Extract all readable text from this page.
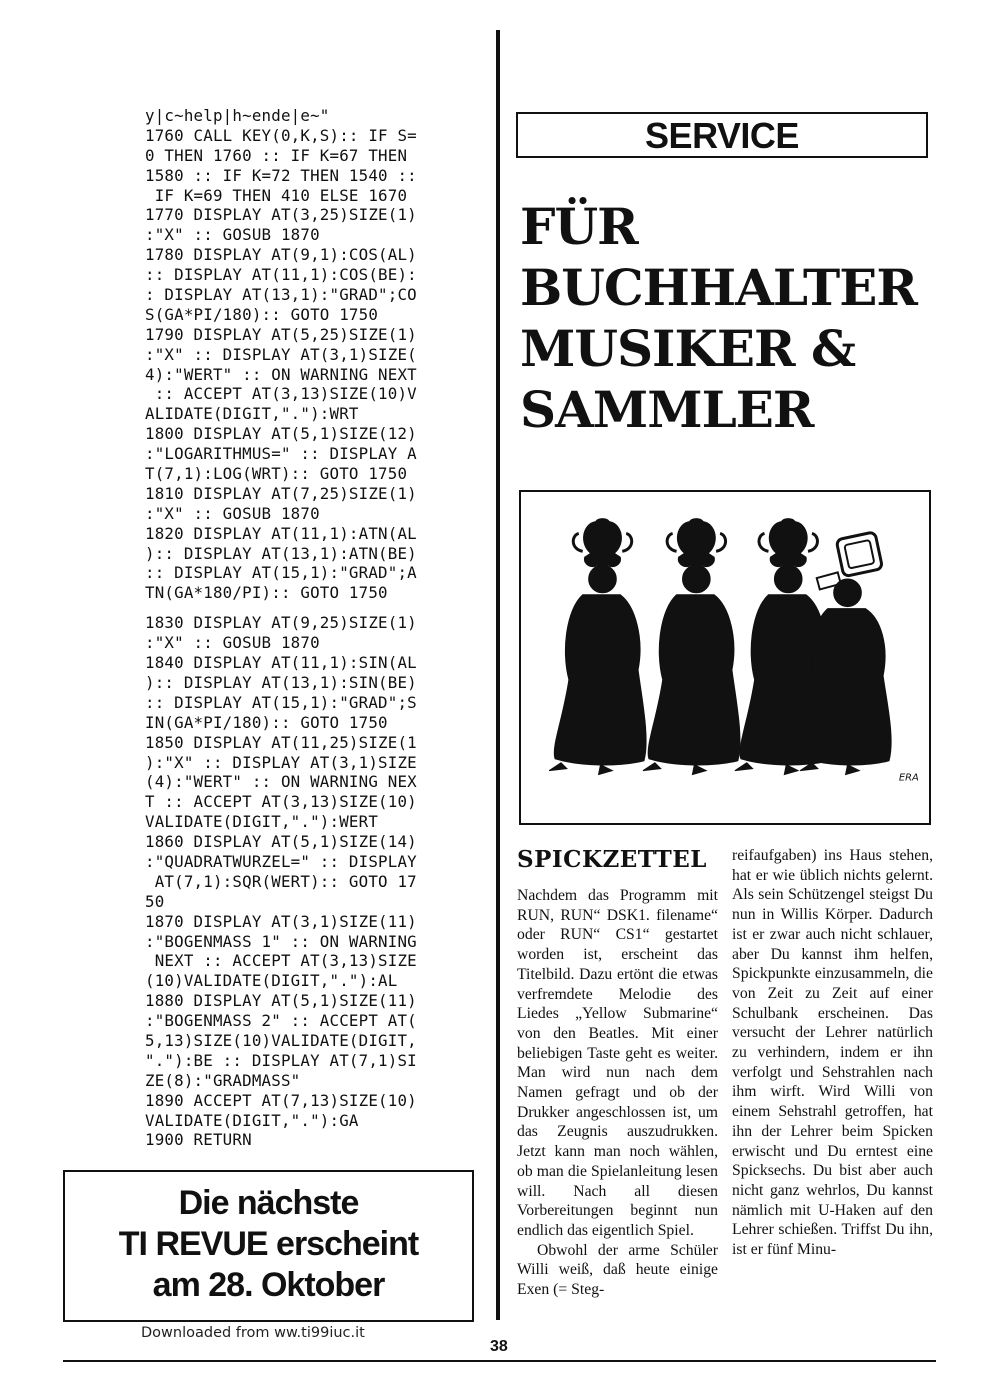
y|c~help|h~ende|e~"
1760 CALL KEY(0,K,S):: IF S=
0 THEN 1760 :: IF K=67 THEN
1580 :: IF K=72 THEN 1540 ::
IF K=69 THEN 410 ELSE 1670
1770 DISPLAY AT(3,25)SIZE(1)
:"X" :: GOSUB 1870
1780 DISPLAY AT(9,1):COS(AL)
:: DISPLAY AT(11,1):COS(BE):
: DISPLAY AT(13,1):"GRAD";CO
S(GA*PI/180):: GOTO 1750
1790 DISPLAY AT(5,25)SIZE(1)
:"X" :: DISPLAY AT(3,1)SIZE(
4):"WERT" :: ON WARNING NEXT
:: ACCEPT AT(3,13)SIZE(10)V
ALIDATE(DIGIT,"."):WRT
1800 DISPLAY AT(5,1)SIZE(12)
:"LOGARITHMUS=" :: DISPLAY A
T(7,1):LOG(WRT):: GOTO 1750
1810 DISPLAY AT(7,25)SIZE(1)
:"X" :: GOSUB 1870
1820 DISPLAY AT(11,1):ATN(AL
):: DISPLAY AT(13,1):ATN(BE)
:: DISPLAY AT(15,1):"GRAD";A
TN(GA*180/PI):: GOTO 1750
1830 DISPLAY AT(9,25)SIZE(1)
:"X" :: GOSUB 1870
1840 DISPLAY AT(11,1):SIN(AL
):: DISPLAY AT(13,1):SIN(BE)
:: DISPLAY AT(15,1):"GRAD";S
IN(GA*PI/180):: GOTO 1750
1850 DISPLAY AT(11,25)SIZE(1
):"X" :: DISPLAY AT(3,1)SIZE
(4):"WERT" :: ON WARNING NEX
T :: ACCEPT AT(3,13)SIZE(10)
VALIDATE(DIGIT,"."):WERT
1860 DISPLAY AT(5,1)SIZE(14)
:"QUADRATWURZEL=" :: DISPLAY
AT(7,1):SQR(WERT):: GOTO 17
50
1870 DISPLAY AT(3,1)SIZE(11)
:"BOGENMASS 1" :: ON WARNING
NEXT :: ACCEPT AT(3,13)SIZE
(10)VALIDATE(DIGIT,"."):AL
1880 DISPLAY AT(5,1)SIZE(11)
:"BOGENMASS 2" :: ACCEPT AT(
5,13)SIZE(10)VALIDATE(DIGIT,
"."):BE :: DISPLAY AT(7,1)SI
ZE(8):"GRADMASS"
1890 ACCEPT AT(7,13)SIZE(10)
VALIDATE(DIGIT,"."):GA
1900 RETURN
SERVICE
FÜR
BUCHHALTER
MUSIKER &
SAMMLER
ERA
SPICKZETTEL

Nachdem das Programm mit RUN, RUN“ DSK1. filename“ oder RUN“ CS1“ gestartet worden ist, erscheint das Titelbild. Dazu ertönt die etwas verfremdete Melodie des Liedes „Yellow Submarine“ von den Beatles. Mit einer beliebigen Taste geht es weiter. Man wird nun nach dem Namen gefragt und ob der Drukker angeschlossen ist, um das Zeugnis auszudrukken. Jetzt kann man noch wählen, ob man die Spielanleitung lesen will. Nach all diesen Vorbereitungen beginnt nun endlich das eigentlich Spiel.

Obwohl der arme Schüler Willi weiß, daß heute einige Exen (= Steg-

reifaufgaben) ins Haus stehen, hat er wie üblich nichts gelernt. Als sein Schützengel steigst Du nun in Willis Körper. Dadurch ist er zwar auch nicht schlauer, aber Du kannst ihm helfen, Spickpunkte einzusammeln, die von Zeit zu Zeit auf einer Schulbank erscheinen. Das versucht der Lehrer natürlich zu verhindern, indem er ihn verfolgt und Sehstrahlen nach ihm wirft. Wird Willi von einem Sehstrahl getroffen, hat ihn der Lehrer beim Spicken erwischt und Du erntest eine Spicksechs. Du bist aber auch nicht ganz wehrlos, Du kannst nämlich mit U-Haken auf den Lehrer schießen. Triffst Du ihn, ist er fünf Minu-

Die nächste
TI REVUE erscheint
am 28. Oktober
Downloaded from ww.ti99iuc.it
38
